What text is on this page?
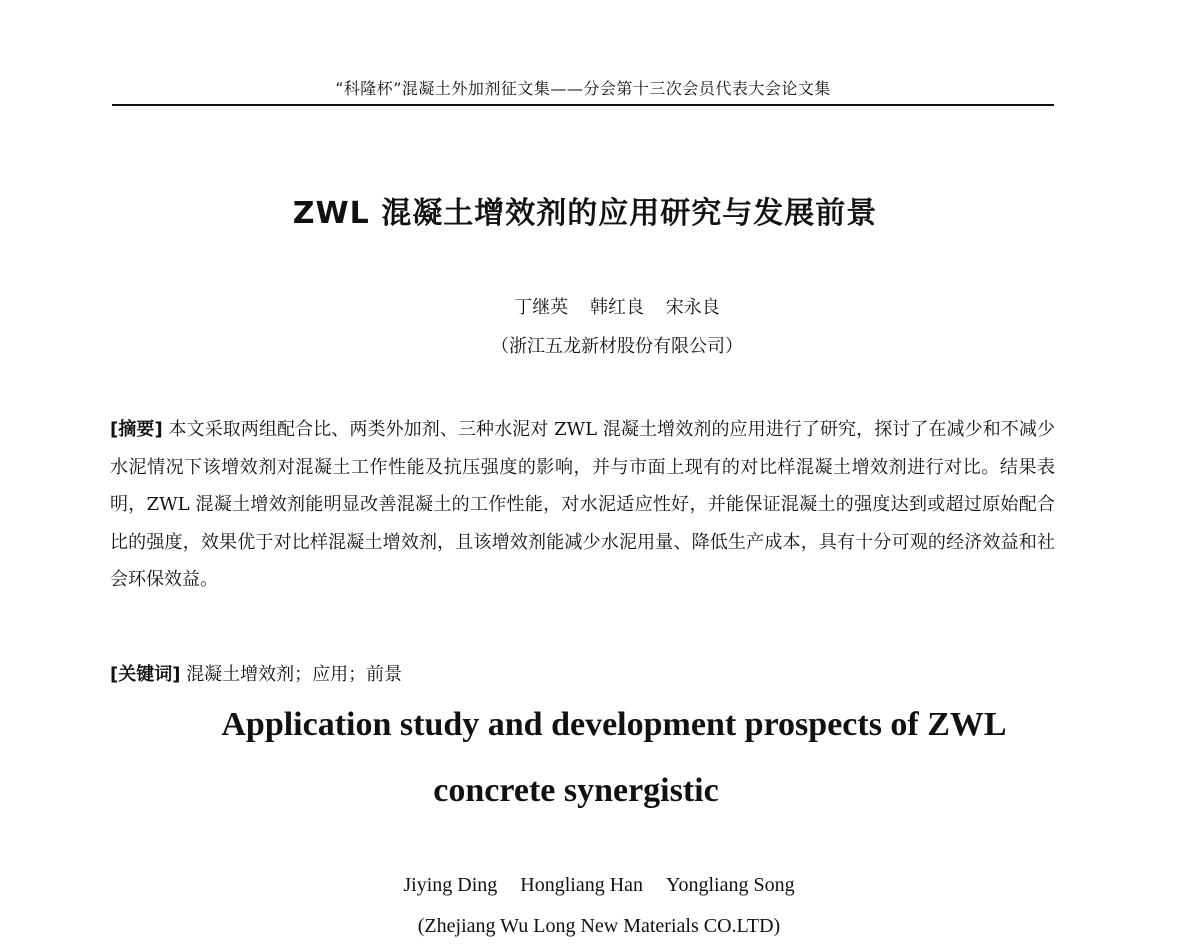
“科隆杯”混凝土外加剂征文集——分会第十三次会员代表大会论文集
ZWL 混凝土增效剂的应用研究与发展前景
丁继英 韩红良 宋永良
（浙江五龙新材股份有限公司）
[摘要] 本文采取两组配合比、两类外加剂、三种水泥对 ZWL 混凝土增效剂的应用进行了研究，探讨了在减少和不减少水泥情况下该增效剂对混凝土工作性能及抗压强度的影响，并与市面上现有的对比样混凝土增效剂进行对比。结果表明，ZWL 混凝土增效剂能明显改善混凝土的工作性能，对水泥适应性好，并能保证混凝土的强度达到或超过原始配合比的强度，效果优于对比样混凝土增效剂，且该增效剂能减少水泥用量、降低生产成本，具有十分可观的经济效益和社会环保效益。
[关键词] 混凝土增效剂；应用；前景
Application study and development prospects of ZWL
concrete synergistic
Jiying Ding Hongliang Han Yongliang Song
(Zhejiang Wu Long New Materials CO.LTD)
